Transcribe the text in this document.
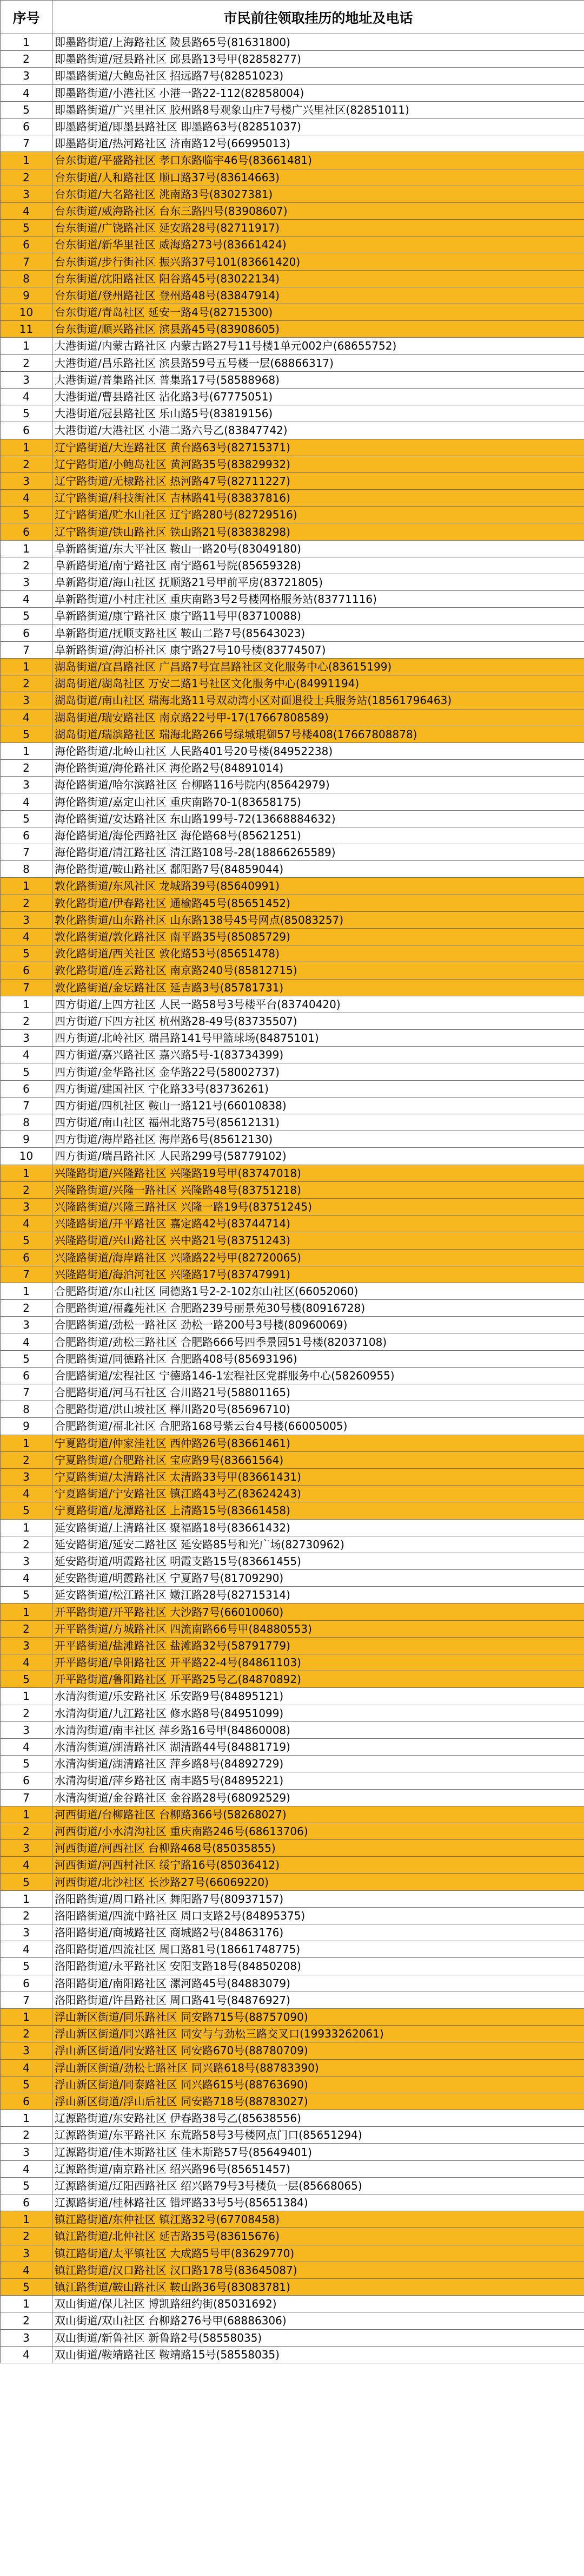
序号	市民前往领取挂历的地址及电话
1	即墨路街道/上海路社区 陵县路65号(81631800)
2	即墨路街道/冠县路社区 邱县路13号甲(82858277)
3	即墨路街道/大鲍岛社区 招远路7号(82851023)
4	即墨路街道/小港社区 小港一路22-112(82858004)
5	即墨路街道/广兴里社区 胶州路8号观象山庄7号楼广兴里社区(82851011)
6	即墨路街道/即墨县路社区 即墨路63号(82851037)
7	即墨路街道/热河路社区 济南路12号(66995013)
1	台东街道/平盛路社区 孝口东路临宇46号(83661481)
2	台东街道/人和路社区 顺口路37号(83614663)
3	台东街道/大名路社区 洮南路3号(83027381)
4	台东街道/威海路社区 台东三路四号(83908607)
5	台东街道/广饶路社区 延安路28号(82711917)
6	台东街道/新华里社区 威海路273号(83661424)
7	台东街道/步行街社区 振兴路37号101(83661420)
8	台东街道/沈阳路社区 阳谷路45号(83022134)
9	台东街道/登州路社区 登州路48号(83847914)
10	台东街道/青岛社区 延安一路4号(82715300)
11	台东街道/顺兴路社区 滨县路45号(83908605)
1	大港街道/内蒙古路社区 内蒙古路27号11号楼1单元002户(68655752)
2	大港街道/昌乐路社区 滨县路59号五号楼一层(68866317)
3	大港街道/普集路社区 普集路17号(58588968)
4	大港街道/曹县路社区 沾化路3号(67775051)
5	大港街道/冠县路社区 乐山路5号(83819156)
6	大港街道/大港社区 小港二路六号乙(83847742)
1	辽宁路街道/大连路社区 黄台路63号(82715371)
2	辽宁路街道/小鲍岛社区 黄河路35号(83829932)
3	辽宁路街道/无棣路社区 热河路47号(82711227)
4	辽宁路街道/科技街社区 吉林路41号(83837816)
5	辽宁路街道/贮水山社区 辽宁路280号(82729516)
6	辽宁路街道/铁山路社区 铁山路21号(83838298)
1	阜新路街道/东大平社区 鞍山一路20号(83049180)
2	阜新路街道/南宁路社区 南宁路61号院(85659328)
3	阜新路街道/海山社区 抚顺路21号甲前平房(83721805)
4	阜新路街道/小村庄社区 重庆南路3号2号楼网格服务站(83771116)
5	阜新路街道/康宁路社区 康宁路11号甲(83710088)
6	阜新路街道/抚顺支路社区 鞍山二路7号(85643023)
7	阜新路街道/海泊桥社区 康宁路27号10号楼(83774507)
1	湖岛街道/宜昌路社区 广昌路7号宜昌路社区文化服务中心(83615199)
2	湖岛街道/湖岛社区 万安二路1号社区文化服务中心(84991194)
3	湖岛街道/南山社区 瑞海北路11号双动湾小区对面退役士兵服务站(18561796463)
4	湖岛街道/瑞安路社区 南京路22号甲-17(17667808589)
5	湖岛街道/瑞滨路社区 瑞海北路266号绿城琨御57号楼408(17667808878)
1	海伦路街道/北岭山社区 人民路401号20号楼(84952238)
2	海伦路街道/海伦路社区 海伦路2号(84891014)
3	海伦路街道/哈尔滨路社区 台柳路116号院内(85642979)
4	海伦路街道/嘉定山社区 重庆南路70-1(83658175)
5	海伦路街道/安达路社区 东山路199号-72(13668884632)
6	海伦路街道/海伦西路社区 海伦路68号(85621251)
7	海伦路街道/清江路社区 清江路108号-28(18866265589)
8	海伦路街道/鞍山路社区 鄱阳路7号(84859044)
1	敦化路街道/东风社区 龙城路39号(85640991)
2	敦化路街道/伊春路社区 通榆路45号(85651452)
3	敦化路街道/山东路社区 山东路138号45号网点(85083257)
4	敦化路街道/敦化路社区 南平路35号(85085729)
5	敦化路街道/西关社区 敦化路53号(85651478)
6	敦化路街道/连云路社区 南京路240号(85812715)
7	敦化路街道/金坛路社区 延吉路3号(85781731)
1	四方街道/上四方社区 人民一路58号3号楼平台(83740420)
2	四方街道/下四方社区 杭州路28-49号(83735507)
3	四方街道/北岭社区 瑞昌路141号甲篮球场(84875101)
4	四方街道/嘉兴路社区 嘉兴路5号-1(83734399)
5	四方街道/金华路社区 金华路22号(58002737)
6	四方街道/建国社区 宁化路33号(83736261)
7	四方街道/四机社区 鞍山一路121号(66010838)
8	四方街道/南山社区 福州北路75号(85612131)
9	四方街道/海岸路社区 海岸路6号(85612130)
10	四方街道/瑞昌路社区 人民路299号(58779102)
1	兴隆路街道/兴隆路社区 兴隆路19号甲(83747018)
2	兴隆路街道/兴隆一路社区 兴隆路48号(83751218)
3	兴隆路街道/兴隆三路社区 兴隆一路19号(83751245)
4	兴隆路街道/开平路社区 嘉定路42号(83744714)
5	兴隆路街道/兴山路社区 兴中路21号(83751243)
6	兴隆路街道/海岸路社区 兴隆路22号甲(82720065)
7	兴隆路街道/海泊河社区 兴隆路17号(83747991)
1	合肥路街道/东山社区 同德路1号2-2-102东山社区(66052060)
2	合肥路街道/福鑫苑社区 合肥路239号丽景苑30号楼(80916728)
3	合肥路街道/劲松一路社区 劲松一路200号3号楼(80960069)
4	合肥路街道/劲松三路社区 合肥路666号四季景园51号楼(82037108)
5	合肥路街道/同德路社区 合肥路408号(85693196)
6	合肥路街道/宏程社区 宁德路146-1宏程社区党群服务中心(58260955)
7	合肥路街道/河马石社区 合川路21号(58801165)
8	合肥路街道/洪山坡社区 榉川路20号(85696710)
9	合肥路街道/福北社区 合肥路168号紫云台4号楼(66005005)
1	宁夏路街道/仲家洼社区 西仲路26号(83661461)
2	宁夏路街道/合肥路社区 宝应路9号(83661564)
3	宁夏路街道/太清路社区 太清路33号甲(83661431)
4	宁夏路街道/宁安路社区 镇江路43号乙(83624243)
5	宁夏路街道/龙潭路社区 上清路15号(83661458)
1	延安路街道/上清路社区 聚福路18号(83661432)
2	延安路街道/延安二路社区 延安路85号和光广场(82730962)
3	延安路街道/明霞路社区 明霞支路15号(83661455)
4	延安路街道/明霞路社区 宁夏路7号(81709290)
5	延安路街道/松江路社区 嫩江路28号(82715314)
1	开平路街道/开平路社区 大沙路7号(66010060)
2	开平路街道/方城路社区 四流南路66号甲(84880553)
3	开平路街道/盐滩路社区 盐滩路32号(58791779)
4	开平路街道/阜阳路社区 开平路22-4号(84861103)
5	开平路街道/鲁阳路社区 开平路25号乙(84870892)
1	水清沟街道/乐安路社区 乐安路9号(84895121)
2	水清沟街道/九江路社区 修水路8号(84951099)
3	水清沟街道/南丰社区 萍乡路16号甲(84860008)
4	水清沟街道/湖清路社区 湖清路44号(84881719)
5	水清沟街道/湖清路社区 萍乡路8号(84892729)
6	水清沟街道/萍乡路社区 南丰路5号(84895221)
7	水清沟街道/金谷路社区 金谷路28号(68092529)
1	河西街道/台柳路社区 台柳路366号(58268027)
2	河西街道/小水清沟社区 重庆南路246号(68613706)
3	河西街道/河西社区 台柳路468号(85035855)
4	河西街道/河西村社区 绥宁路16号(85036412)
5	河西街道/北沙社区 长沙路27号(66069220)
1	洛阳路街道/周口路社区 舞阳路7号(80937157)
2	洛阳路街道/四流中路社区 周口支路2号(84895375)
3	洛阳路街道/商城路社区 商城路2号(84863176)
4	洛阳路街道/四流社区 周口路81号(18661748775)
5	洛阳路街道/永平路社区 安阳支路18号(84850208)
6	洛阳路街道/南阳路社区 漯河路45号(84883079)
7	洛阳路街道/许昌路社区 周口路41号(84876927)
1	浮山新区街道/同乐路社区 同安路715号(88757090)
2	浮山新区街道/同兴路社区 同安与与劲松三路交叉口(19933262061)
3	浮山新区街道/同安路社区 同安路670号(88780709)
4	浮山新区街道/劲松七路社区 同兴路618号(88783390)
5	浮山新区街道/同泰路社区 同兴路615号(88763690)
6	浮山新区街道/浮山后社区 同安路718号(88783027)
1	辽源路街道/东安路社区 伊春路38号乙(85638556)
2	辽源路街道/东平路社区 东荒路58号3号楼网点门口(85651294)
3	辽源路街道/佳木斯路社区 佳木斯路57号(85649401)
4	辽源路街道/南京路社区 绍兴路96号(85651457)
5	辽源路街道/辽阳西路社区 绍兴路79号3号楼负一层(85668065)
6	辽源路街道/桂林路社区 错坪路33号5号(85651384)
1	镇江路街道/东仲社区 镇江路32号(67708458)
2	镇江路街道/北仲社区 延吉路35号(83615676)
3	镇江路街道/太平镇社区 大成路5号甲(83629770)
4	镇江路街道/汉口路社区 汉口路178号(83645087)
5	镇江路街道/鞍山路社区 鞍山路36号(83083781)
1	双山街道/保儿社区 博凯路纽约街(85031692)
2	双山街道/双山社区 台柳路276号甲(68886306)
3	双山街道/新鲁社区 新鲁路2号(58558035)
4	双山街道/鞍靖路社区 鞍靖路15号(58558035)
